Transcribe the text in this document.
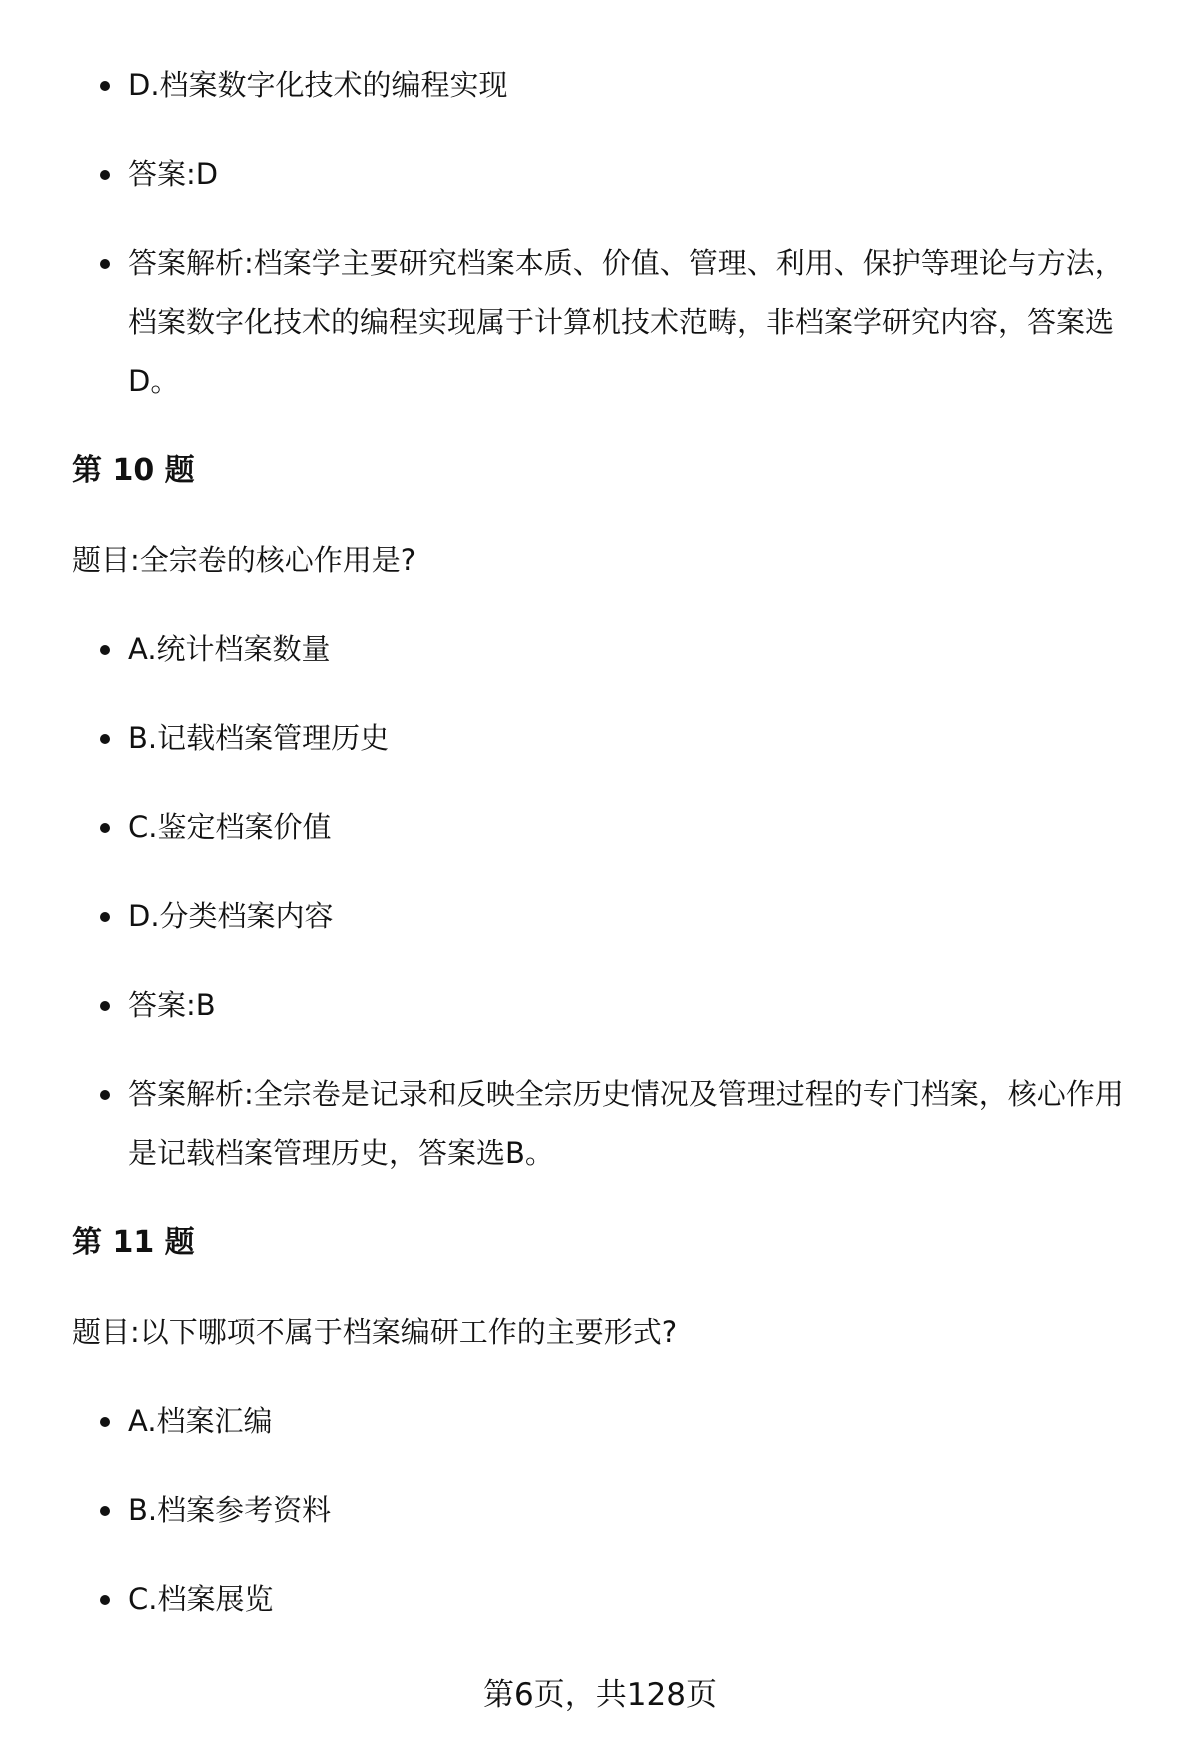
D.档案数字化技术的编程实现
答案:D
答案解析:档案学主要研究档案本质、价值、管理、利用、保护等理论与方法，档案数字化技术的编程实现属于计算机技术范畴，非档案学研究内容，答案选D。
第 10 题
题目:全宗卷的核心作用是?
A.统计档案数量
B.记载档案管理历史
C.鉴定档案价值
D.分类档案内容
答案:B
答案解析:全宗卷是记录和反映全宗历史情况及管理过程的专门档案，核心作用是记载档案管理历史，答案选B。
第 11 题
题目:以下哪项不属于档案编研工作的主要形式?
A.档案汇编
B.档案参考资料
C.档案展览
第6页，共128页
